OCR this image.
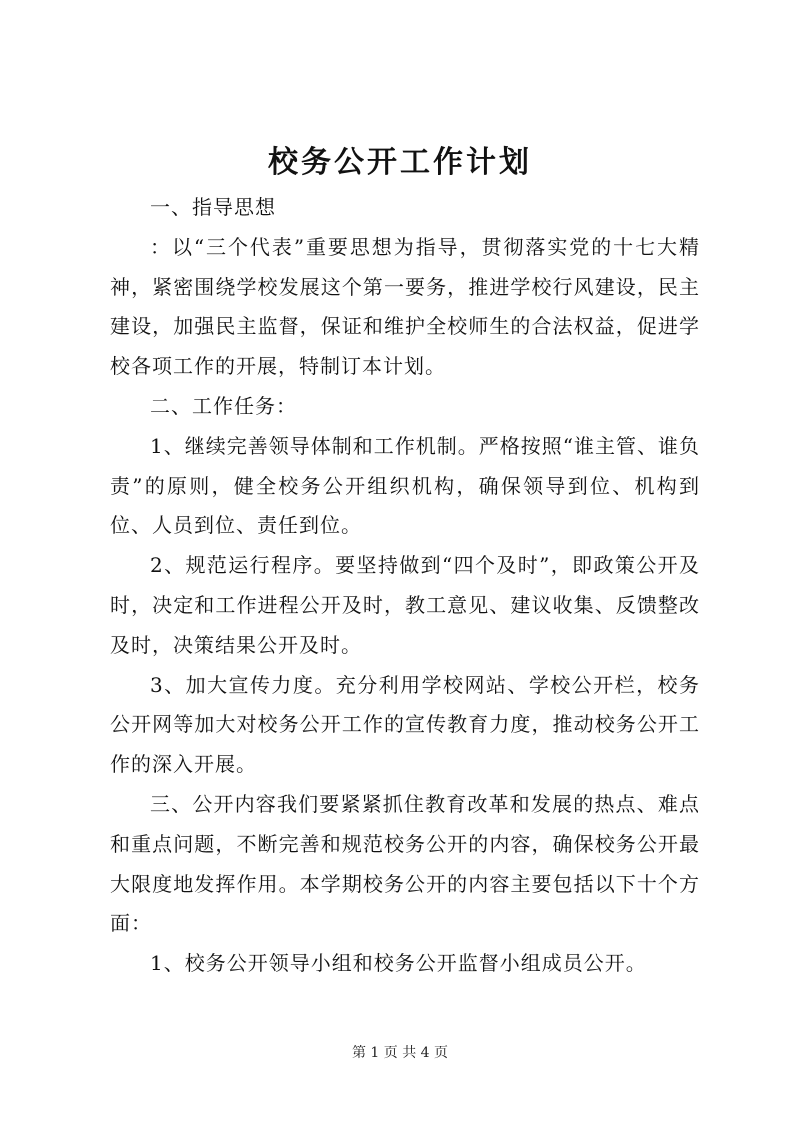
校务公开工作计划

一、指导思想

：以“三个代表”重要思想为指导，贯彻落实党的十七大精神，紧密围绕学校发展这个第一要务，推进学校行风建设，民主建设，加强民主监督，保证和维护全校师生的合法权益，促进学校各项工作的开展，特制订本计划。

二、工作任务：

1、继续完善领导体制和工作机制。严格按照“谁主管、谁负责”的原则，健全校务公开组织机构，确保领导到位、机构到位、人员到位、责任到位。

2、规范运行程序。要坚持做到“四个及时”，即政策公开及时，决定和工作进程公开及时，教工意见、建议收集、反馈整改及时，决策结果公开及时。

3、加大宣传力度。充分利用学校网站、学校公开栏，校务公开网等加大对校务公开工作的宣传教育力度，推动校务公开工作的深入开展。

三、公开内容我们要紧紧抓住教育改革和发展的热点、难点和重点问题，不断完善和规范校务公开的内容，确保校务公开最大限度地发挥作用。本学期校务公开的内容主要包括以下十个方面：

1、校务公开领导小组和校务公开监督小组成员公开。

第 1 页 共 4 页
